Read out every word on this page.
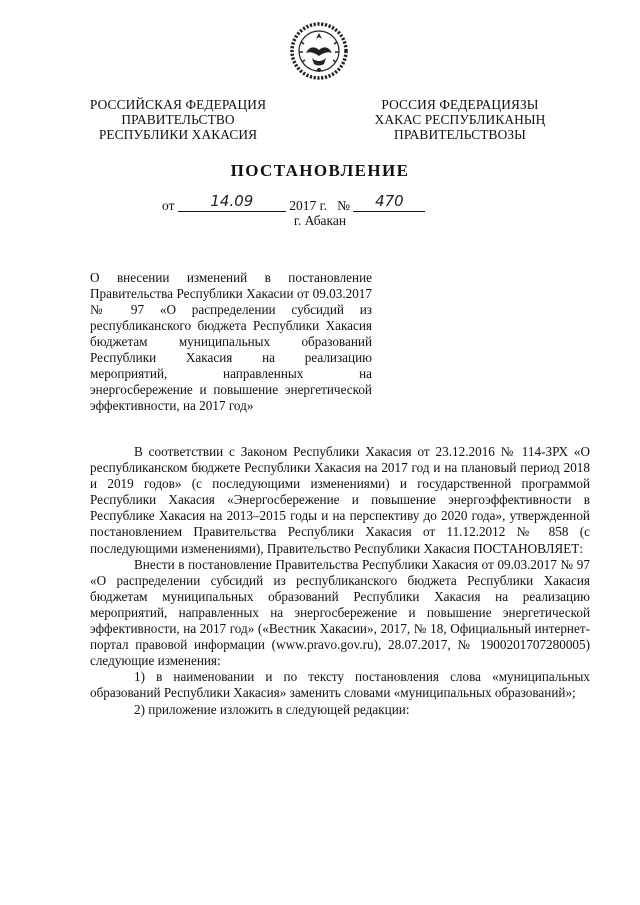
РОССИЙСКАЯ ФЕДЕРАЦИЯ
ПРАВИТЕЛЬСТВО
РЕСПУБЛИКИ ХАКАСИЯ
РОССИЯ ФЕДЕРАЦИЯЗЫ
ХАКАС РЕСПУБЛИКАНЫҢ
ПРАВИТЕЛЬСТВОЗЫ
ПОСТАНОВЛЕНИЕ
от 14.09	2017 г. № 470
г. Абакан
О внесении изменений в постановление Правительства Республики Хакасии от 09.03.2017 № 97 «О распределении субсидий из республиканского бюджета Республики Хакасия бюджетам муниципальных образований Республики Хакасия на реализацию мероприятий, направленных на энергосбережение и повышение энергетической эффективности, на 2017 год»

В соответствии с Законом Республики Хакасия от 23.12.2016 № 114-ЗРХ «О республиканском бюджете Республики Хакасия на 2017 год и на плановый период 2018 и 2019 годов» (с последующими изменениями) и государственной программой Республики Хакасия «Энергосбережение и повышение энергоэффективности в Республике Хакасия на 2013–2015 годы и на перспективу до 2020 года», утвержденной постановлением Правительства Республики Хакасия от 11.12.2012 № 858 (с последующими изменениями), Правительство Республики Хакасия ПОСТАНОВЛЯЕТ:

Внести в постановление Правительства Республики Хакасия от 09.03.2017 № 97 «О распределении субсидий из республиканского бюджета Республики Хакасия бюджетам муниципальных образований Республики Хакасия на реализацию мероприятий, направленных на энергосбережение и повышение энергетической эффективности, на 2017 год» («Вестник Хакасии», 2017, № 18, Официальный интернет-портал правовой информации (www.pravo.gov.ru), 28.07.2017, № 1900201707280005) следующие изменения:

1) в наименовании и по тексту постановления слова «муниципальных образований Республики Хакасия» заменить словами «муниципальных образований»;

2) приложение изложить в следующей редакции:
